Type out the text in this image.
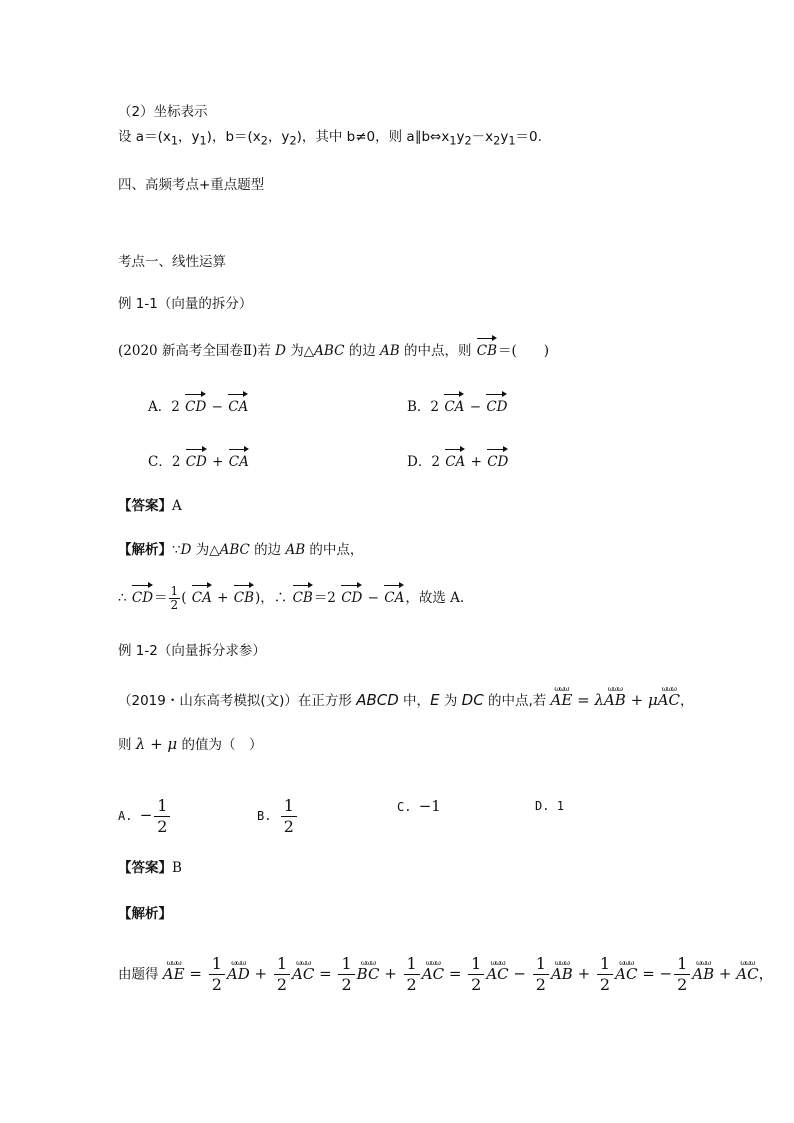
（2）坐标表示
设 $a=(x_1$，$y_1$)，$b=(x_2$，$y_2$)，其中 b≠0，则 $a\parallel b\Leftrightarrow x_1y_2-x_2y_1=0$.
四、高频考点+重点题型
考点一、线性运算
例 1-1（向量的拆分）
(2020 新高考全国卷Ⅱ)若 D 为△ABC 的边 AB 的中点，则 CB＝(　　)
A．2 CD − CA	B．2 CA − CD
C．2 CD + CA	D．2 CA + CD
【答案】A
【解析】∵D 为△ABC 的边 AB 的中点，
∴ $CD= \frac{1}{2}$ ( CA + CB)，∴ CB＝2 CD − CA，故选 A.
例 1-2（向量拆分求参）
（2019・山东高考模拟(文)）在正方形 ABCD 中，E 为 DC 的中点,若 ωωω AE = λωωω AB + μωωω AC，
则 λ + μ 的值为（　）
A. − $\frac{1}{2}$	B. $\frac{1}{2}$	C. −1	D. 1
【答案】B
【解析】
由题得 ωωω AE = $\frac{1}{2}$ ωωω AD + $\frac{1}{2}$ ωωω AC = $\frac{1}{2}$ ωωω BC + $\frac{1}{2}$ ωωω AC = $\frac{1}{2}$ ωωω AC − $\frac{1}{2}$ ωωω AB + $\frac{1}{2}$ ωωω AC = − $\frac{1}{2}$ ωωω AB + ωωω AC，
